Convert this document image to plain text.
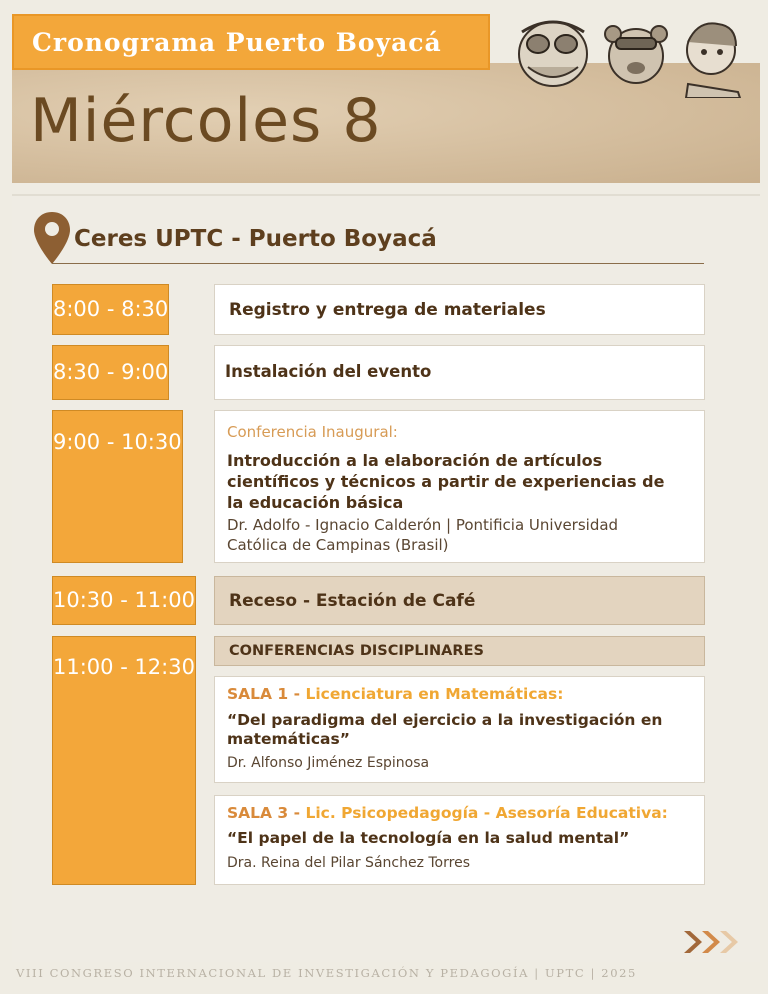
Cronograma Puerto Boyacá
Miércoles 8
Ceres UPTC - Puerto Boyacá
8:00 - 8:30	Registro y entrega de materiales
8:30 - 9:00	Instalación del evento
9:00 - 10:30	Conferencia Inaugural:
Introducción a la elaboración de artículos
científicos y técnicos a partir de experiencias de
la educación básica
Dr. Adolfo - Ignacio Calderón | Pontificia Universidad
Católica de Campinas (Brasil)
10:30 - 11:00 Receso - Estación de Café
11:00 - 12:30
CONFERENCIAS DISCIPLINARES
SALA 1 - Licenciatura en Matemáticas:
“Del paradigma del ejercicio a la investigación en
matemáticas”
Dr. Alfonso Jiménez Espinosa
SALA 3 - Lic. Psicopedagogía - Asesoría Educativa:
“El papel de la tecnología en la salud mental”
Dra. Reina del Pilar Sánchez Torres
VIII CONGRESO INTERNACIONAL DE INVESTIGACIÓN Y PEDAGOGÍA | UPTC | 2025
